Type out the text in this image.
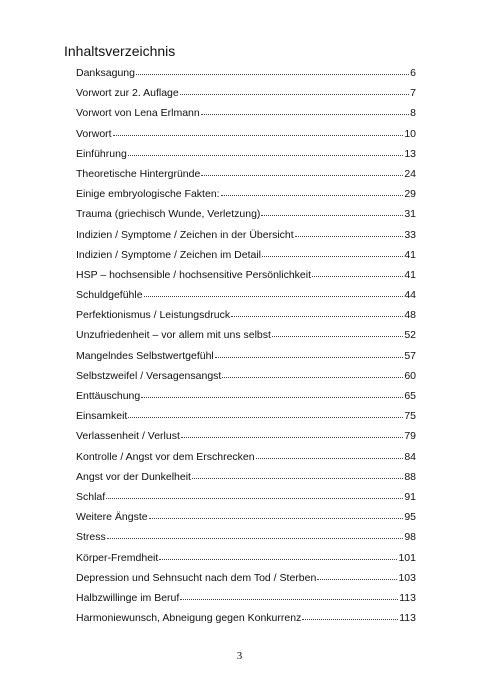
Inhaltsverzeichnis
Danksagung	6
Vorwort zur 2. Auflage	7
Vorwort von Lena Erlmann	8
Vorwort	10
Einführung	13
Theoretische Hintergründe	24
Einige embryologische Fakten:	29
Trauma (griechisch Wunde, Verletzung)	31
Indizien / Symptome / Zeichen in der Übersicht	33
Indizien / Symptome / Zeichen im Detail	41
HSP – hochsensible / hochsensitive Persönlichkeit	41
Schuldgefühle	44
Perfektionismus / Leistungsdruck	48
Unzufriedenheit – vor allem mit uns selbst	52
Mangelndes Selbstwertgefühl	57
Selbstzweifel / Versagensangst	60
Enttäuschung	65
Einsamkeit	75
Verlassenheit / Verlust	79
Kontrolle / Angst vor dem Erschrecken	84
Angst vor der Dunkelheit	88
Schlaf	91
Weitere Ängste	95
Stress	98
Körper-Fremdheit	101
Depression und Sehnsucht nach dem Tod / Sterben	103
Halbzwillinge im Beruf	113
Harmoniewunsch, Abneigung gegen Konkurrenz	113
3
